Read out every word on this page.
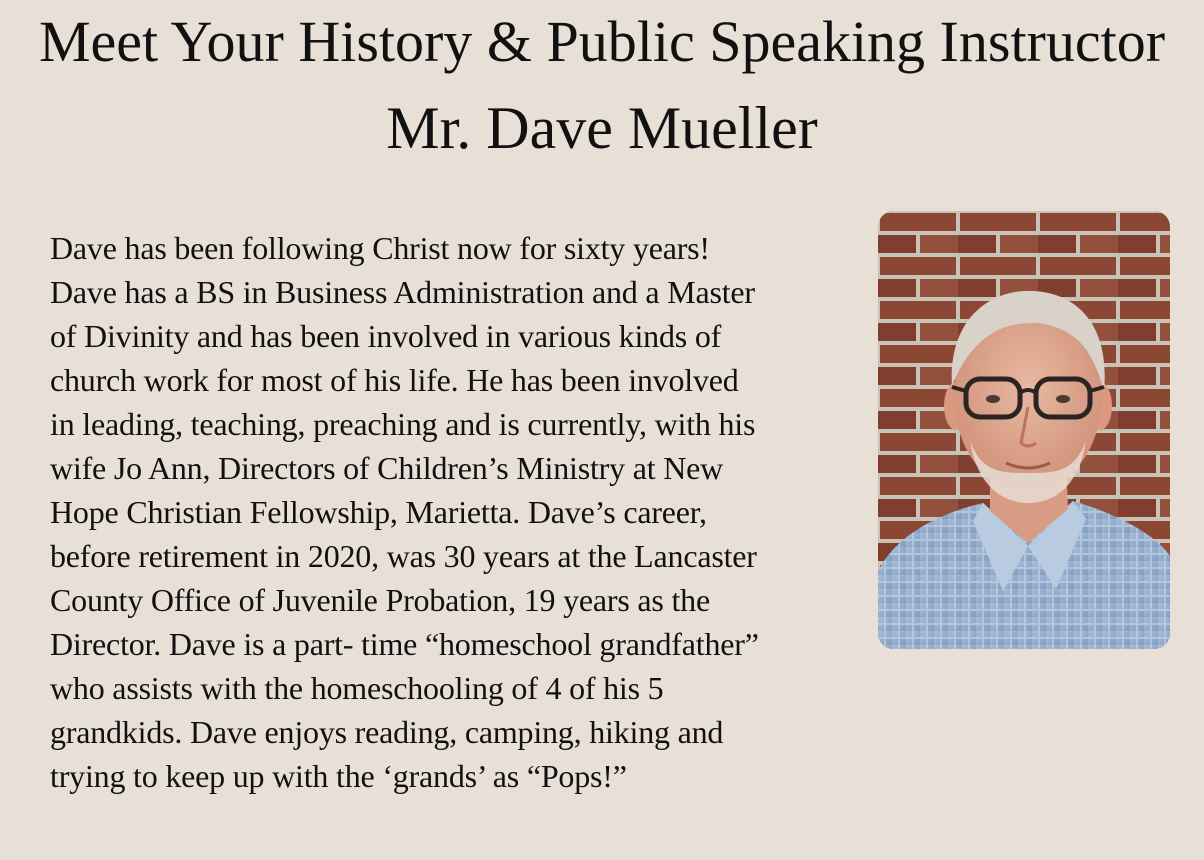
Meet Your History & Public Speaking Instructor
Mr. Dave Mueller

Dave has been following Christ now for sixty years!
Dave has a BS in Business Administration and a Master
of Divinity and has been involved in various kinds of
church work for most of his life. He has been involved
in leading, teaching, preaching and is currently, with his
wife Jo Ann, Directors of Children’s Ministry at New
Hope Christian Fellowship, Marietta. Dave’s career,
before retirement in 2020, was 30 years at the Lancaster
County Office of Juvenile Probation, 19 years as the
Director. Dave is a part- time “homeschool grandfather”
who assists with the homeschooling of 4 of his 5
grandkids. Dave enjoys reading, camping, hiking and
trying to keep up with the ‘grands’ as “Pops!”
